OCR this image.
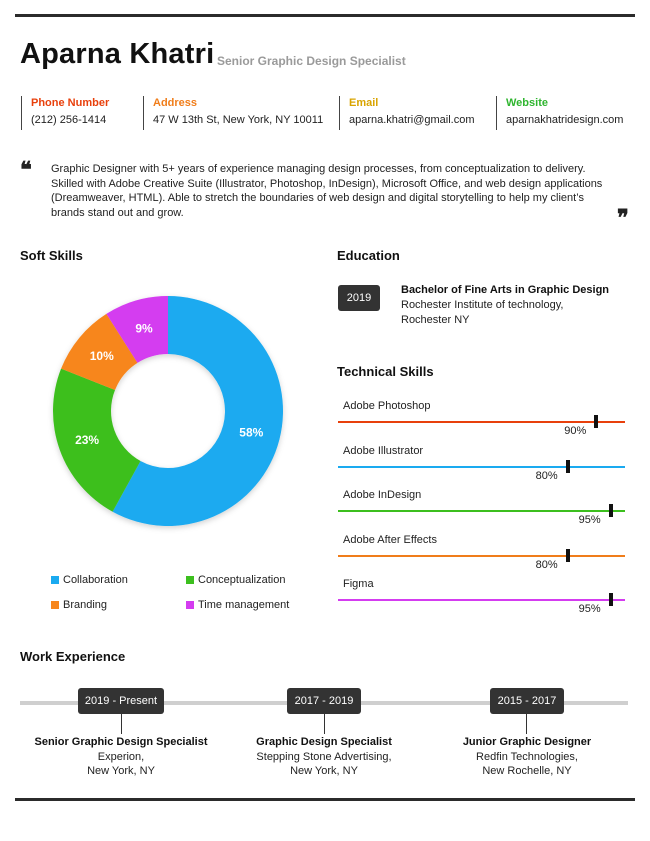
Aparna Khatri Senior Graphic Design Specialist
Phone Number
(212) 256-1414
Address
47 W 13th St, New York, NY 10011
Email
aparna.khatri@gmail.com
Website
aparnakhatridesign.com
❝ Graphic Designer with 5+ years of experience managing design processes, from conceptualization to delivery. Skilled with Adobe Creative Suite (Illustrator, Photoshop, InDesign), Microsoft Office, and web design applications (Dreamweaver, HTML). Able to stretch the boundaries of web design and digital storytelling to help my client’s brands stand out and grow.	❞
Soft Skills
58%
23%
10%
9%
Collaboration	Conceptualization
Branding	Time management
Education
2019
Bachelor of Fine Arts in Graphic Design
Rochester Institute of technology,
Rochester NY
Technical Skills
Adobe Photoshop
90%
Adobe Illustrator
80%
Adobe InDesign
95%
Adobe After Effects
80%
Figma
95%
Work Experience
2019 - Present
Senior Graphic Design Specialist
Experion,
New York, NY
2017 - 2019
Graphic Design Specialist
Stepping Stone Advertising,
New York, NY
2015 - 2017
Junior Graphic Designer
Redfin Technologies,
New Rochelle, NY
